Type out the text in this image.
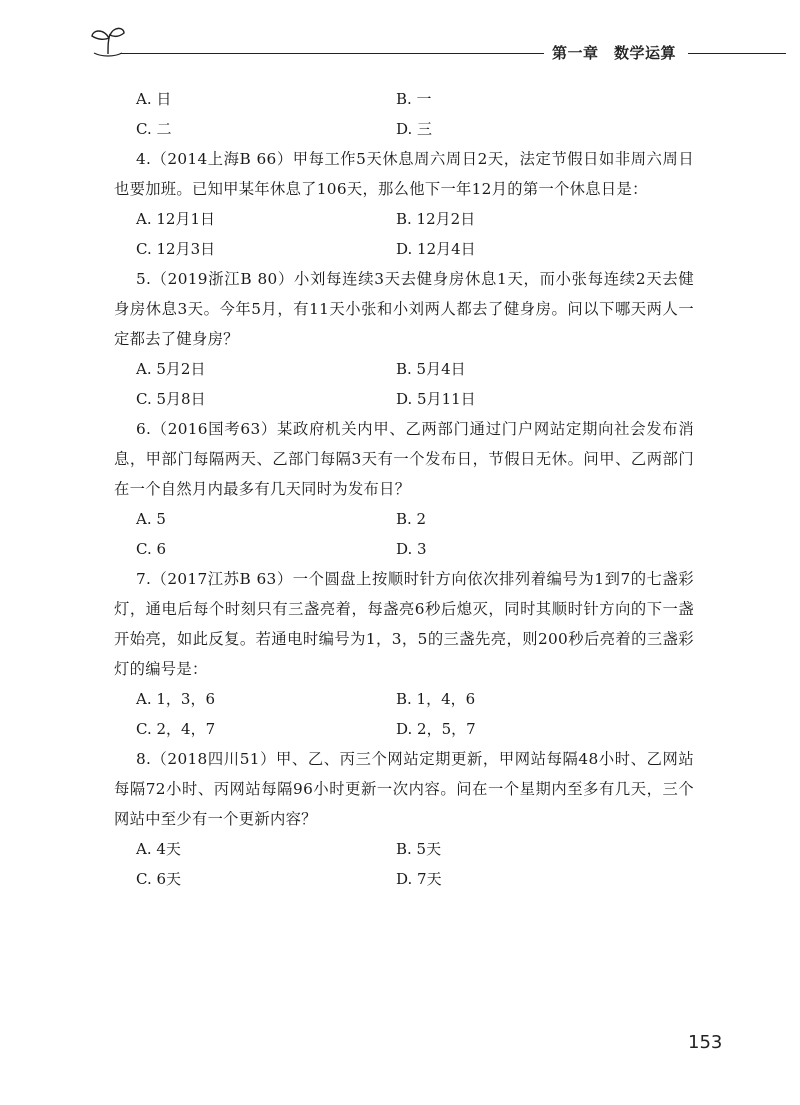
第一章　数学运算
A. 日	B. 一
C. 二	D. 三

4.（2014上海B 66）甲每工作5天休息周六周日2天，法定节假日如非周六周日也要加班。已知甲某年休息了106天，那么他下一年12月的第一个休息日是：

A. 12月1日	B. 12月2日
C. 12月3日	D. 12月4日

5.（2019浙江B 80）小刘每连续3天去健身房休息1天，而小张每连续2天去健身房休息3天。今年5月，有11天小张和小刘两人都去了健身房。问以下哪天两人一定都去了健身房？

A. 5月2日	B. 5月4日
C. 5月8日	D. 5月11日

6.（2016国考63）某政府机关内甲、乙两部门通过门户网站定期向社会发布消息，甲部门每隔两天、乙部门每隔3天有一个发布日，节假日无休。问甲、乙两部门在一个自然月内最多有几天同时为发布日？

A. 5	B. 2
C. 6	D. 3

7.（2017江苏B 63）一个圆盘上按顺时针方向依次排列着编号为1到7的七盏彩灯，通电后每个时刻只有三盏亮着，每盏亮6秒后熄灭，同时其顺时针方向的下一盏开始亮，如此反复。若通电时编号为1，3，5的三盏先亮，则200秒后亮着的三盏彩灯的编号是：

A. 1，3，6	B. 1，4，6
C. 2，4，7	D. 2，5，7

8.（2018四川51）甲、乙、丙三个网站定期更新，甲网站每隔48小时、乙网站每隔72小时、丙网站每隔96小时更新一次内容。问在一个星期内至多有几天，三个网站中至少有一个更新内容？

A. 4天	B. 5天
C. 6天	D. 7天
153
